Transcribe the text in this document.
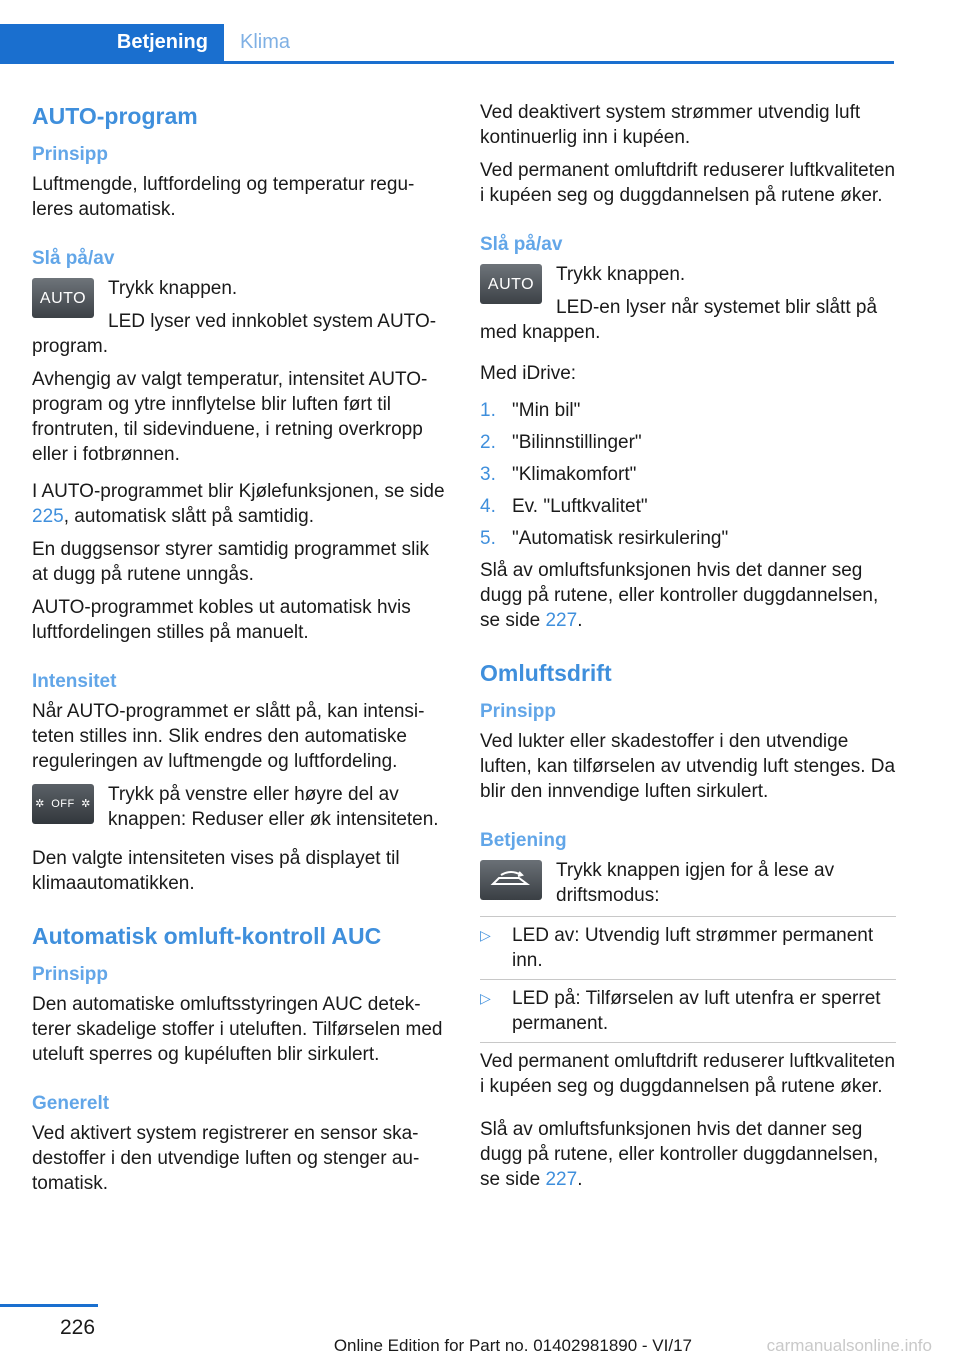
Betjening	Klima
AUTO-program
Prinsipp

Luftmengde, luftfordeling og temperatur reguleres automatisk.

Slå på/av
AUTO	Trykk knappen.

LED lyser ved innkoblet system AUTO-program.

Avhengig av valgt temperatur, intensitet AUTO-program og ytre innflytelse blir luften ført til frontruten, til sidevinduene, i retning overkropp eller i fotbrønnen.

I AUTO-programmet blir Kjølefunksjonen, se side 225, automatisk slått på samtidig.

En duggsensor styrer samtidig programmet slik at dugg på rutene unngås.

AUTO-programmet kobles ut automatisk hvis luftfordelingen stilles på manuelt.

Intensitet

Når AUTO-programmet er slått på, kan intensiteten stilles inn. Slik endres den automatiske reguleringen av luftmengde og luftfordeling.

✲ OFF ✲ Trykk på venstre eller høyre del av knappen: Reduser eller øk intensiteten.

Den valgte intensiteten vises på displayet til klimaautomatikken.

Automatisk omluft-kontroll AUC
Prinsipp

Den automatiske omluftsstyringen AUC detekterer skadelige stoffer i uteluften. Tilførselen med uteluft sperres og kupéluften blir sirkulert.

Generelt

Ved aktivert system registrerer en sensor skadestoffer i den utvendige luften og stenger automatisk.

Ved deaktivert system strømmer utvendig luft kontinuerlig inn i kupéen.

Ved permanent omluftdrift reduserer luftkvaliteten i kupéen seg og duggdannelsen på rutene øker.

Slå på/av
AUTO	Trykk knappen.

LED-en lyser når systemet blir slått på med knappen.

Med iDrive:

1. "Min bil"
2. "Bilinnstillinger"
3. "Klimakomfort"
4. Ev. "Luftkvalitet"
5. "Automatisk resirkulering"

Slå av omluftsfunksjonen hvis det danner seg dugg på rutene, eller kontroller duggdannelsen, se side 227.

Omluftsdrift
Prinsipp

Ved lukter eller skadestoffer i den utvendige luften, kan tilførselen av utvendig luft stenges. Da blir den innvendige luften sirkulert.

Betjening

Trykk knappen igjen for å lese av driftsmodus:

▷	LED av: Utvendig luft strømmer permanent inn.
▷	LED på: Tilførselen av luft utenfra er sperret permanent.

Ved permanent omluftdrift reduserer luftkvaliteten i kupéen seg og duggdannelsen på rutene øker.

Slå av omluftsfunksjonen hvis det danner seg dugg på rutene, eller kontroller duggdannelsen, se side 227.

226
Online Edition for Part no. 01402981890 - VI/17	carmanualsonline.info
